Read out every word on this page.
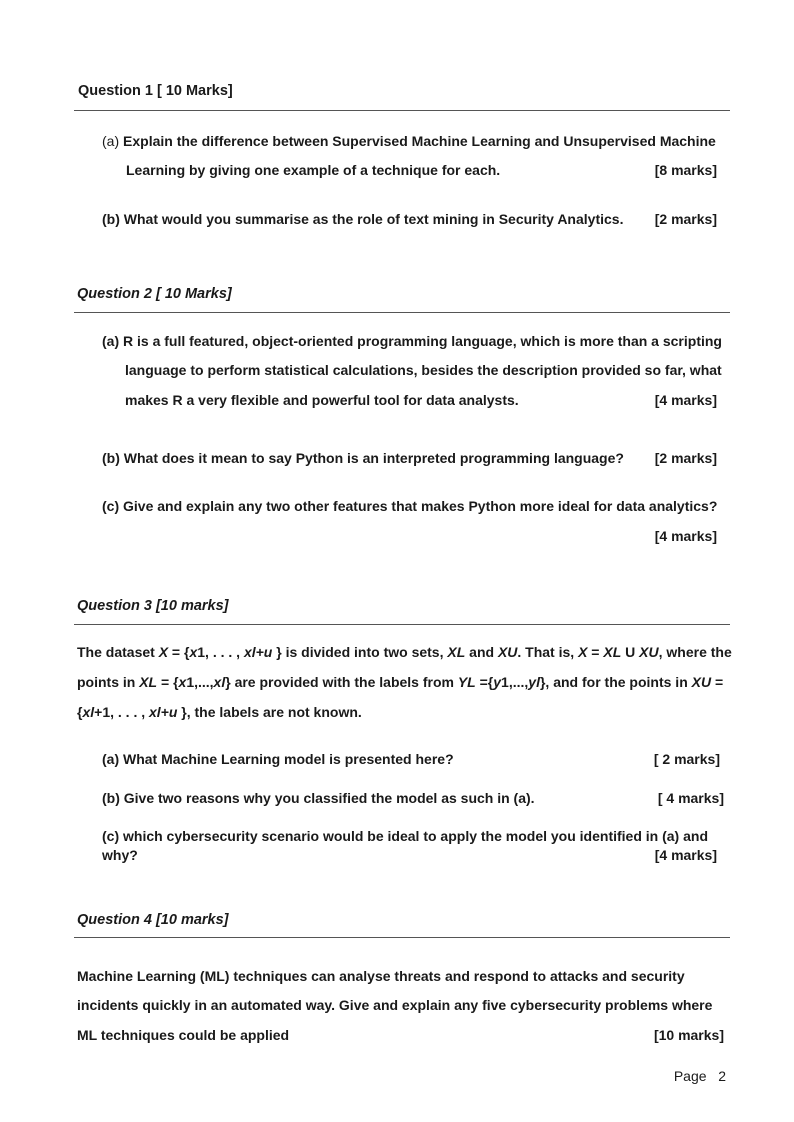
Question 1 [ 10 Marks]
(a) Explain the difference between Supervised Machine Learning and Unsupervised Machine
Learning by giving one example of a technique for each.	[8 marks]
(b) What would you summarise as the role of text mining in Security Analytics. [2 marks]
Question 2 [ 10 Marks]
(a) R is a full featured, object-oriented programming language, which is more than a scripting
language to perform statistical calculations, besides the description provided so far, what
makes R a very flexible and powerful tool for data analysts.	[4 marks]
(b) What does it mean to say Python is an interpreted programming language? [2 marks]
(c) Give and explain any two other features that makes Python more ideal for data analytics?
[4 marks]
Question 3 [10 marks]
The dataset X = {x1, . . . , xl+u } is divided into two sets, XL and XU. That is, X = XL U XU, where the
points in XL = {x1,...,xl} are provided with the labels from YL ={y1,...,yl}, and for the points in XU =
{xl+1, . . . , xl+u }, the labels are not known.
(a) What Machine Learning model is presented here?	[ 2 marks]
(b) Give two reasons why you classified the model as such in (a).	[ 4 marks]
(c) which cybersecurity scenario would be ideal to apply the model you identified in (a) and
why?	[4 marks]
Question 4 [10 marks]
Machine Learning (ML) techniques can analyse threats and respond to attacks and security
incidents quickly in an automated way. Give and explain any five cybersecurity problems where
ML techniques could be applied	[10 marks]
Page 2
